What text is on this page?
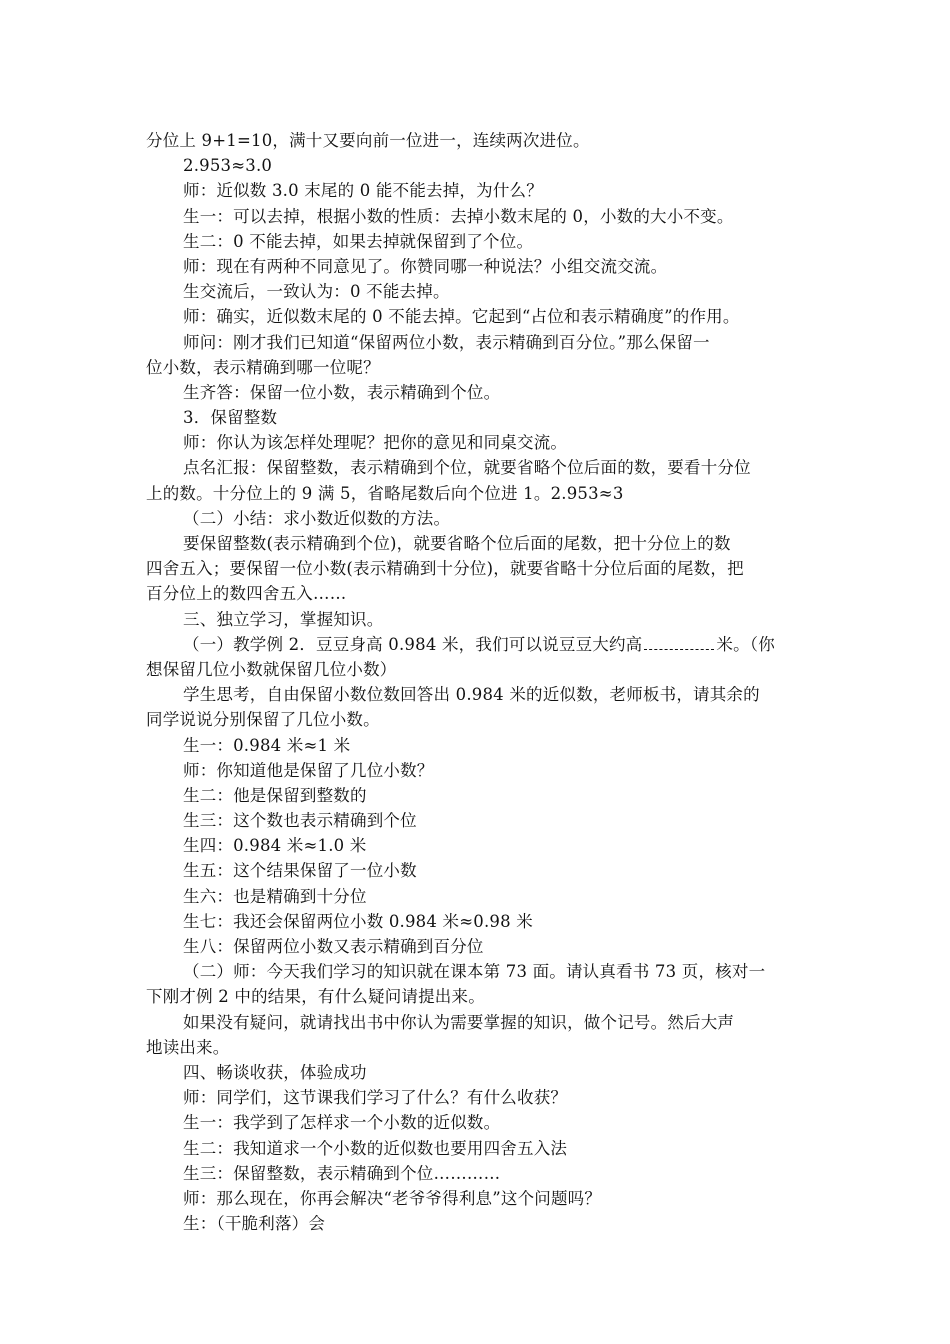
分位上 9+1=10，满十又要向前一位进一，连续两次进位。
2.953≈3.0
师：近似数 3.0 末尾的 0 能不能去掉，为什么？
生一：可以去掉，根据小数的性质：去掉小数末尾的 0，小数的大小不变。
生二：0 不能去掉，如果去掉就保留到了个位。
师：现在有两种不同意见了。你赞同哪一种说法？小组交流交流。
生交流后，一致认为：0 不能去掉。
师：确实，近似数末尾的 0 不能去掉。它起到“占位和表示精确度”的作用。
师问：刚才我们已知道“保留两位小数，表示精确到百分位。”那么保留一
位小数，表示精确到哪一位呢？
生齐答：保留一位小数，表示精确到个位。
3．保留整数
师：你认为该怎样处理呢？把你的意见和同桌交流。
点名汇报：保留整数，表示精确到个位，就要省略个位后面的数，要看十分位
上的数。十分位上的 9 满 5，省略尾数后向个位进 1。2.953≈3
（二）小结：求小数近似数的方法。
要保留整数(表示精确到个位)，就要省略个位后面的尾数，把十分位上的数
四舍五入；要保留一位小数(表示精确到十分位)，就要省略十分位后面的尾数，把
百分位上的数四舍五入……
三、独立学习，掌握知识。
（一）教学例 2．豆豆身高 0.984 米，我们可以说豆豆大约高	米。（你
想保留几位小数就保留几位小数）
学生思考，自由保留小数位数回答出 0.984 米的近似数，老师板书，请其余的
同学说说分别保留了几位小数。
生一：0.984 米≈1 米
师：你知道他是保留了几位小数？
生二：他是保留到整数的
生三：这个数也表示精确到个位
生四：0.984 米≈1.0 米
生五：这个结果保留了一位小数
生六：也是精确到十分位
生七：我还会保留两位小数 0.984 米≈0.98 米
生八：保留两位小数又表示精确到百分位
（二）师：今天我们学习的知识就在课本第 73 面。请认真看书 73 页，核对一
下刚才例 2 中的结果，有什么疑问请提出来。
如果没有疑问，就请找出书中你认为需要掌握的知识，做个记号。然后大声
地读出来。
四、畅谈收获，体验成功
师：同学们，这节课我们学习了什么？有什么收获？
生一：我学到了怎样求一个小数的近似数。
生二：我知道求一个小数的近似数也要用四舍五入法
生三：保留整数，表示精确到个位…………
师：那么现在，你再会解决“老爷爷得利息”这个问题吗？
生：（干脆利落）会
